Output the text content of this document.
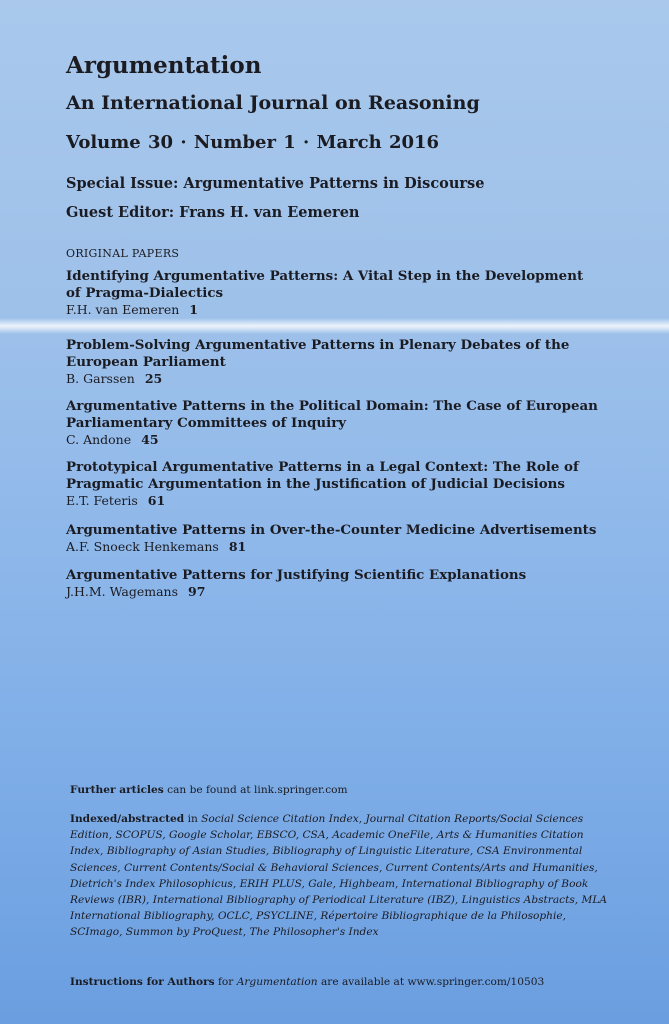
Argumentation
An International Journal on Reasoning
Volume 30 · Number 1 · March 2016
Special Issue: Argumentative Patterns in Discourse
Guest Editor: Frans H. van Eemeren
ORIGINAL PAPERS

Identifying Argumentative Patterns: A Vital Step in the Development

of Pragma-Dialectics

F.H. van Eemeren 1

Problem-Solving Argumentative Patterns in Plenary Debates of the

European Parliament

B. Garssen 25

Argumentative Patterns in the Political Domain: The Case of European

Parliamentary Committees of Inquiry

C. Andone 45

Prototypical Argumentative Patterns in a Legal Context: The Role of

Pragmatic Argumentation in the Justification of Judicial Decisions

E.T. Feteris 61

Argumentative Patterns in Over-the-Counter Medicine Advertisements

A.F. Snoeck Henkemans 81

Argumentative Patterns for Justifying Scientific Explanations

J.H.M. Wagemans 97

Further articles can be found at link.springer.com

Indexed/abstracted in Social Science Citation Index, Journal Citation Reports/Social Sciences Edition, SCOPUS, Google Scholar, EBSCO, CSA, Academic OneFile, Arts & Humanities Citation Index, Bibliography of Asian Studies, Bibliography of Linguistic Literature, CSA Environmental Sciences, Current Contents/Social & Behavioral Sciences, Current Contents/Arts and Humanities, Dietrich's Index Philosophicus, ERIH PLUS, Gale, Highbeam, International Bibliography of Book Reviews (IBR), International Bibliography of Periodical Literature (IBZ), Linguistics Abstracts, MLA International Bibliography, OCLC, PSYCLINE, Répertoire Bibliographique de la Philosophie, SCImago, Summon by ProQuest, The Philosopher's Index

Instructions for Authors for Argumentation are available at www.springer.com/10503
